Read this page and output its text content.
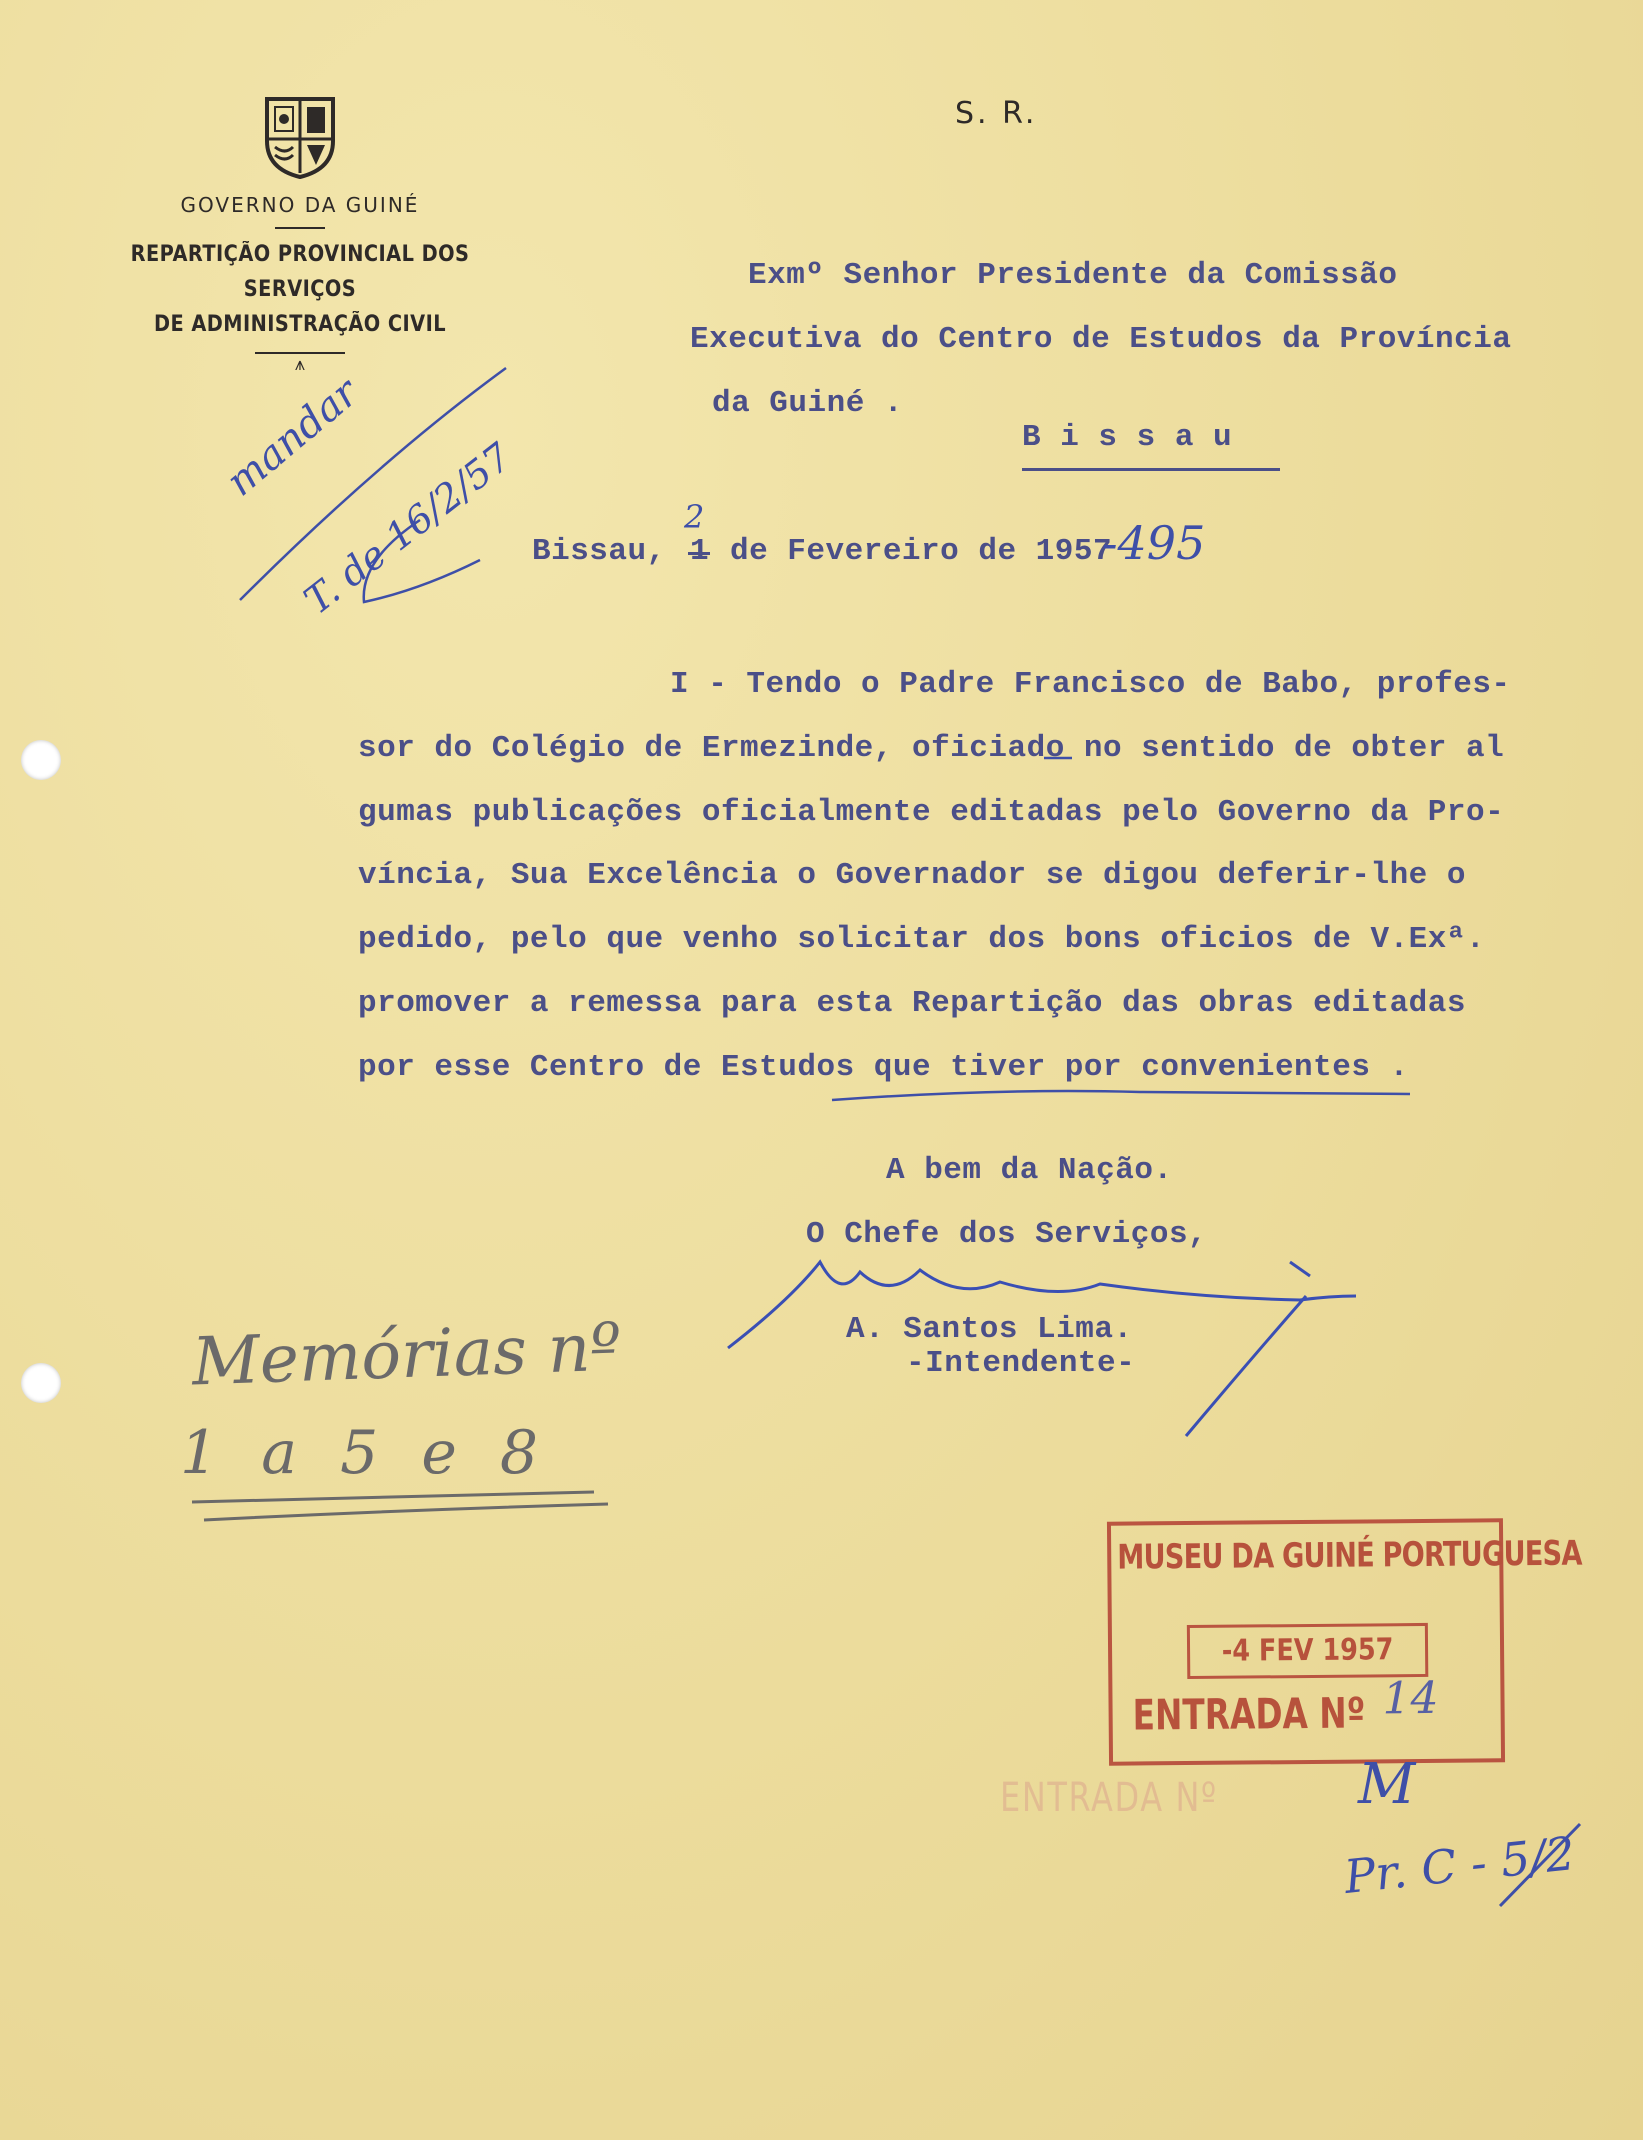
S. R.
GOVERNO DA GUINÉ
REPARTIÇÃO PROVINCIAL DOS SERVIÇOS
DE ADMINISTRAÇÃO CIVIL
⩚
Exmº Senhor Presidente da Comissão
Executiva do Centro de Estudos da Província
da Guiné .
B i s s a u
Bissau,
2
de Fevereiro de 1957
-495
I - Tendo o Padre Francisco de Babo, profes-
sor do Colégio de Ermezinde, oficiado no sentido de obter al
gumas publicações oficialmente editadas pelo Governo da Pro-
víncia, Sua Excelência o Governador se digou deferir-lhe o
pedido, pelo que venho solicitar dos bons oficios de V.Exª.
promover a remessa para esta Repartição das obras editadas
por esse Centro de Estudos que tiver por convenientes .
A bem da Nação.
O Chefe dos Serviços,
A. Santos Lima.
-Intendente-
mandar
T. de 16/2/57
Memórias nº
1 a 5 e 8
MUSEU DA GUINÉ PORTUGUESA
-4 FEV 1957
ENTRADA Nº 14
ENTRADA Nº	M
Pr. C - 5/2
